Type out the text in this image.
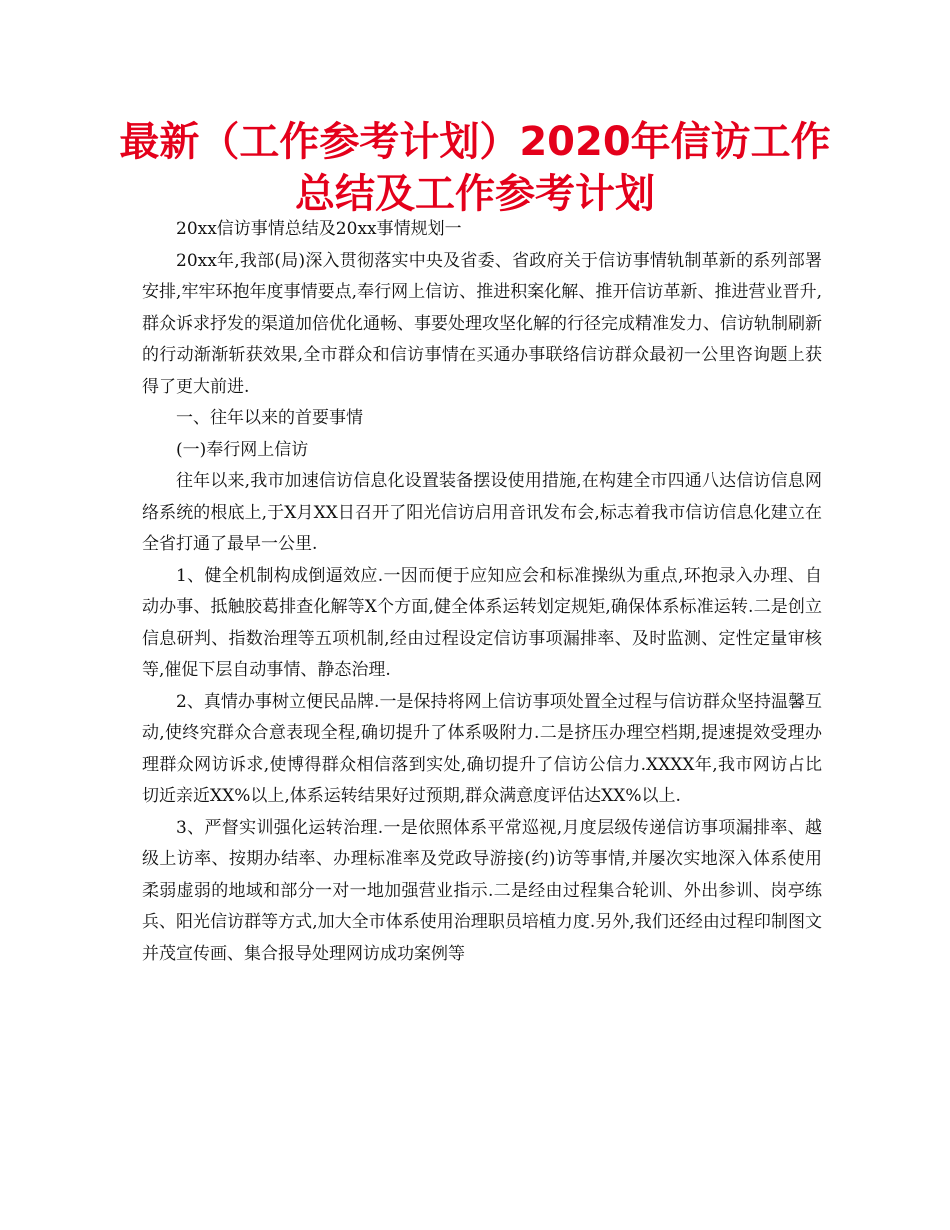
最新（工作参考计划）2020年信访工作总结及工作参考计划

20xx信访事情总结及20xx事情规划一

20xx年,我部(局)深入贯彻落实中央及省委、省政府关于信访事情轨制革新的系列部署安排,牢牢环抱年度事情要点,奉行网上信访、推进积案化解、推开信访革新、推进营业晋升,群众诉求抒发的渠道加倍优化通畅、事要处理攻坚化解的行径完成精准发力、信访轨制刷新的行动渐渐斩获效果,全市群众和信访事情在买通办事联络信访群众最初一公里咨询题上获得了更大前进.

一、往年以来的首要事情

(一)奉行网上信访

往年以来,我市加速信访信息化设置装备摆设使用措施,在构建全市四通八达信访信息网络系统的根底上,于X月XX日召开了阳光信访启用音讯发布会,标志着我市信访信息化建立在全省打通了最早一公里.

1、健全机制构成倒逼效应.一因而便于应知应会和标准操纵为重点,环抱录入办理、自动办事、抵触胶葛排查化解等X个方面,健全体系运转划定规矩,确保体系标准运转.二是创立信息研判、指数治理等五项机制,经由过程设定信访事项漏排率、及时监测、定性定量审核等,催促下层自动事情、静态治理.

2、真情办事树立便民品牌.一是保持将网上信访事项处置全过程与信访群众坚持温馨互动,使终究群众合意表现全程,确切提升了体系吸附力.二是挤压办理空档期,提速提效受理办理群众网访诉求,使博得群众相信落到实处,确切提升了信访公信力.XXXX年,我市网访占比切近亲近XX%以上,体系运转结果好过预期,群众满意度评估达XX%以上.

3、严督实训强化运转治理.一是依照体系平常巡视,月度层级传递信访事项漏排率、越级上访率、按期办结率、办理标准率及党政导游接(约)访等事情,并屡次实地深入体系使用柔弱虚弱的地域和部分一对一地加强营业指示.二是经由过程集合轮训、外出参训、岗亭练兵、阳光信访群等方式,加大全市体系使用治理职员培植力度.另外,我们还经由过程印制图文并茂宣传画、集合报导处理网访成功案例等
